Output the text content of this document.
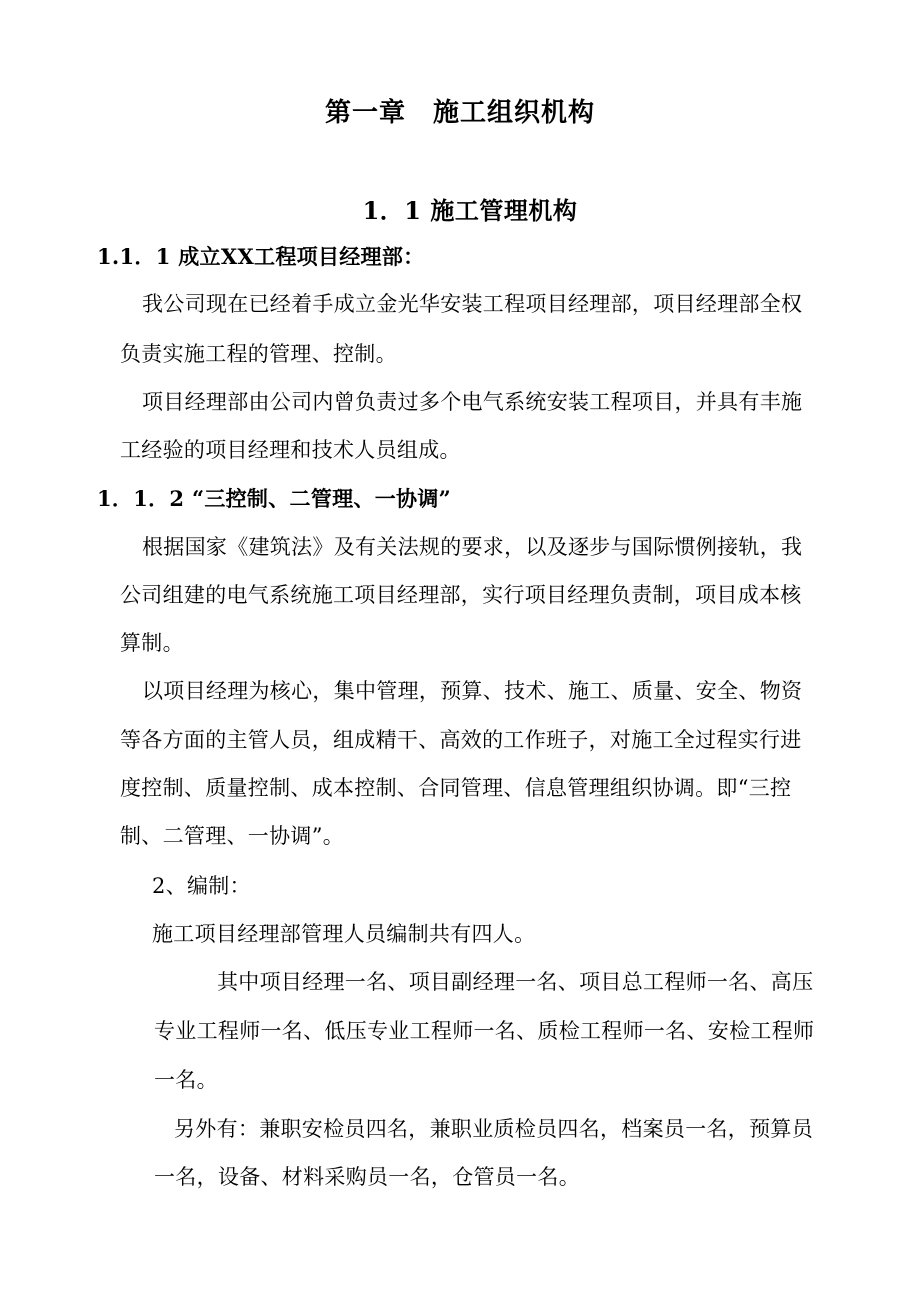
第一章　施工组织机构
1．1 施工管理机构
1.1．1 成立XX工程项目经理部：
我公司现在已经着手成立金光华安装工程项目经理部，项目经理部全权
负责实施工程的管理、控制。
项目经理部由公司内曾负责过多个电气系统安装工程项目，并具有丰施
工经验的项目经理和技术人员组成。
1．1．2 “三控制、二管理、一协调”
根据国家《建筑法》及有关法规的要求，以及逐步与国际惯例接轨，我
公司组建的电气系统施工项目经理部，实行项目经理负责制，项目成本核
算制。
以项目经理为核心，集中管理，预算、技术、施工、质量、安全、物资
等各方面的主管人员，组成精干、高效的工作班子，对施工全过程实行进
度控制、质量控制、成本控制、合同管理、信息管理组织协调。即“三控
制、二管理、一协调”。
2、编制：
施工项目经理部管理人员编制共有四人。
其中项目经理一名、项目副经理一名、项目总工程师一名、高压
专业工程师一名、低压专业工程师一名、质检工程师一名、安检工程师
一名。
另外有：兼职安检员四名，兼职业质检员四名，档案员一名，预算员
一名，设备、材料采购员一名，仓管员一名。
